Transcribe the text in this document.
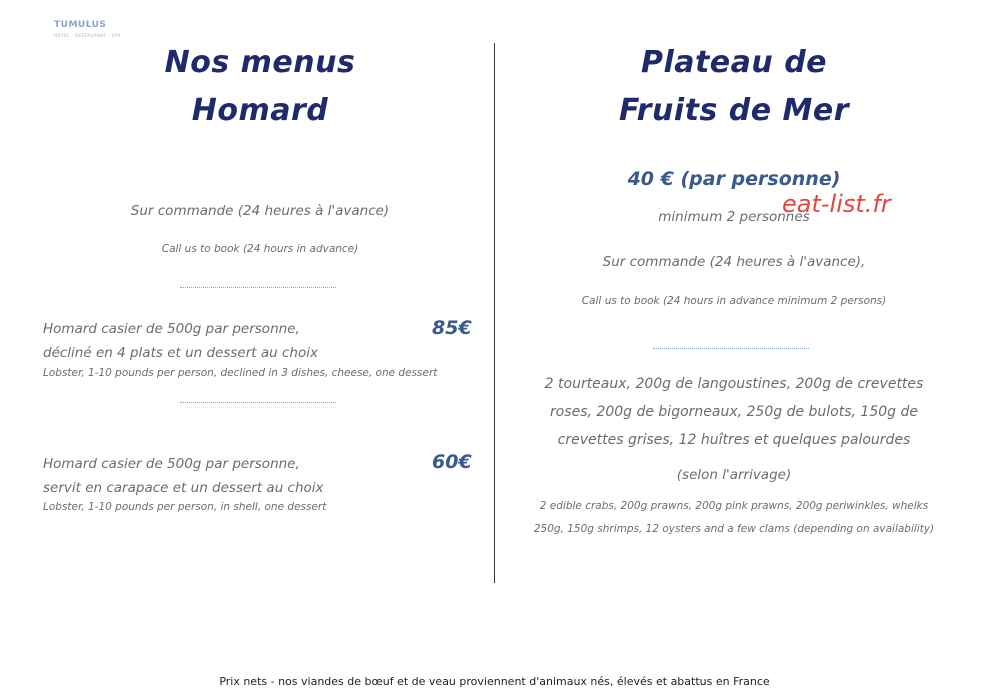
TUMULUS
HOTEL · RESTAURANT · SPA
Nos menus
Homard
Sur commande (24 heures à l'avance)
Call us to book (24 hours in advance)
Homard casier de 500g par personne,	85€
décliné en 4 plats et un dessert au choix
Lobster, 1-10 pounds per person, declined in 3 dishes, cheese, one dessert
Homard casier de 500g par personne,	60€
servit en carapace et un dessert au choix
Lobster, 1-10 pounds per person, in shell, one dessert
Plateau de
Fruits de Mer
40 € (par personne)
minimum 2 personnes
eat-list.fr
Sur commande (24 heures à l'avance),
Call us to book (24 hours in advance minimum 2 persons)
2 tourteaux, 200g de langoustines, 200g de crevettes
roses, 200g de bigorneaux, 250g de bulots, 150g de
crevettes grises, 12 huîtres et quelques palourdes
(selon l'arrivage)
2 edible crabs, 200g prawns, 200g pink prawns, 200g periwinkles, whelks
250g, 150g shrimps, 12 oysters and a few clams (depending on availability)
Prix nets - nos viandes de bœuf et de veau proviennent d'animaux nés, élevés et abattus en France
